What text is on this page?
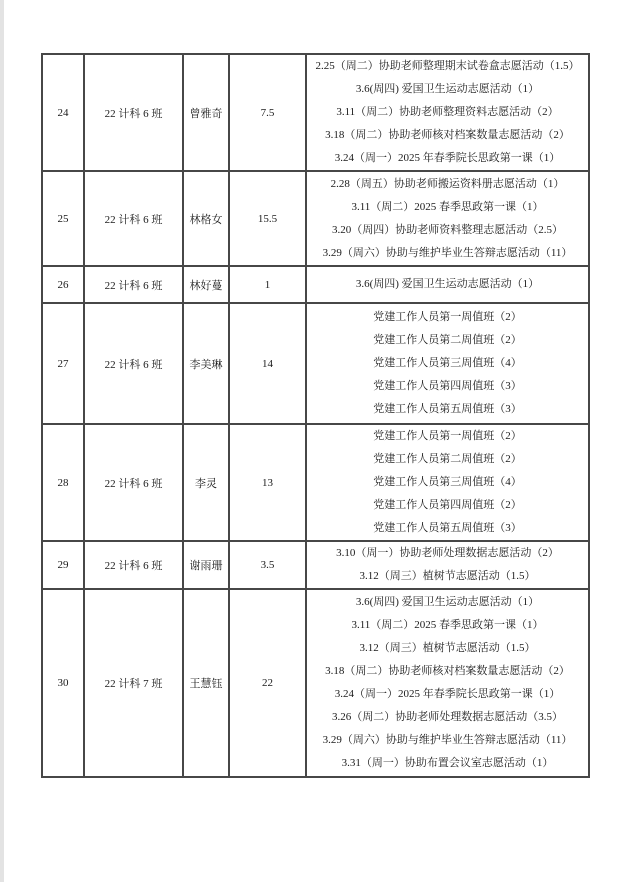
24	22 计科 6 班	曾雅奇	7.5	2.25（周二）协助老师整理期末试卷盒志愿活动（1.5）
3.6(周四) 爱国卫生运动志愿活动（1）
3.11（周二）协助老师整理资料志愿活动（2）
3.18（周二）协助老师核对档案数量志愿活动（2）
3.24（周一）2025 年春季院长思政第一课（1）

25	22 计科 6 班	林格女	15.5	2.28（周五）协助老师搬运资料册志愿活动（1）
3.11（周二）2025 春季思政第一课（1）
3.20（周四）协助老师资料整理志愿活动（2.5）
3.29（周六）协助与维护毕业生答辩志愿活动（11）

26	22 计科 6 班	林好蔓	1	3.6(周四) 爱国卫生运动志愿活动（1）

27	22 计科 6 班	李美琳	14	党建工作人员第一周值班（2）
党建工作人员第二周值班（2）
党建工作人员第三周值班（4）
党建工作人员第四周值班（3）
党建工作人员第五周值班（3）

28	22 计科 6 班	李灵	13	党建工作人员第一周值班（2）
党建工作人员第二周值班（2）
党建工作人员第三周值班（4）
党建工作人员第四周值班（2）
党建工作人员第五周值班（3）

29	22 计科 6 班	谢雨珊	3.5	3.10（周一）协助老师处理数据志愿活动（2）
3.12（周三）植树节志愿活动（1.5）

30	22 计科 7 班	王慧钰	22	
3.6(周四) 爱国卫生运动志愿活动（1）
3.11（周二）2025 春季思政第一课（1）
3.12（周三）植树节志愿活动（1.5）
3.18（周二）协助老师核对档案数量志愿活动（2）
3.24（周一）2025 年春季院长思政第一课（1）
3.26（周二）协助老师处理数据志愿活动（3.5）
3.29（周六）协助与维护毕业生答辩志愿活动（11）
3.31（周一）协助布置会议室志愿活动（1）
